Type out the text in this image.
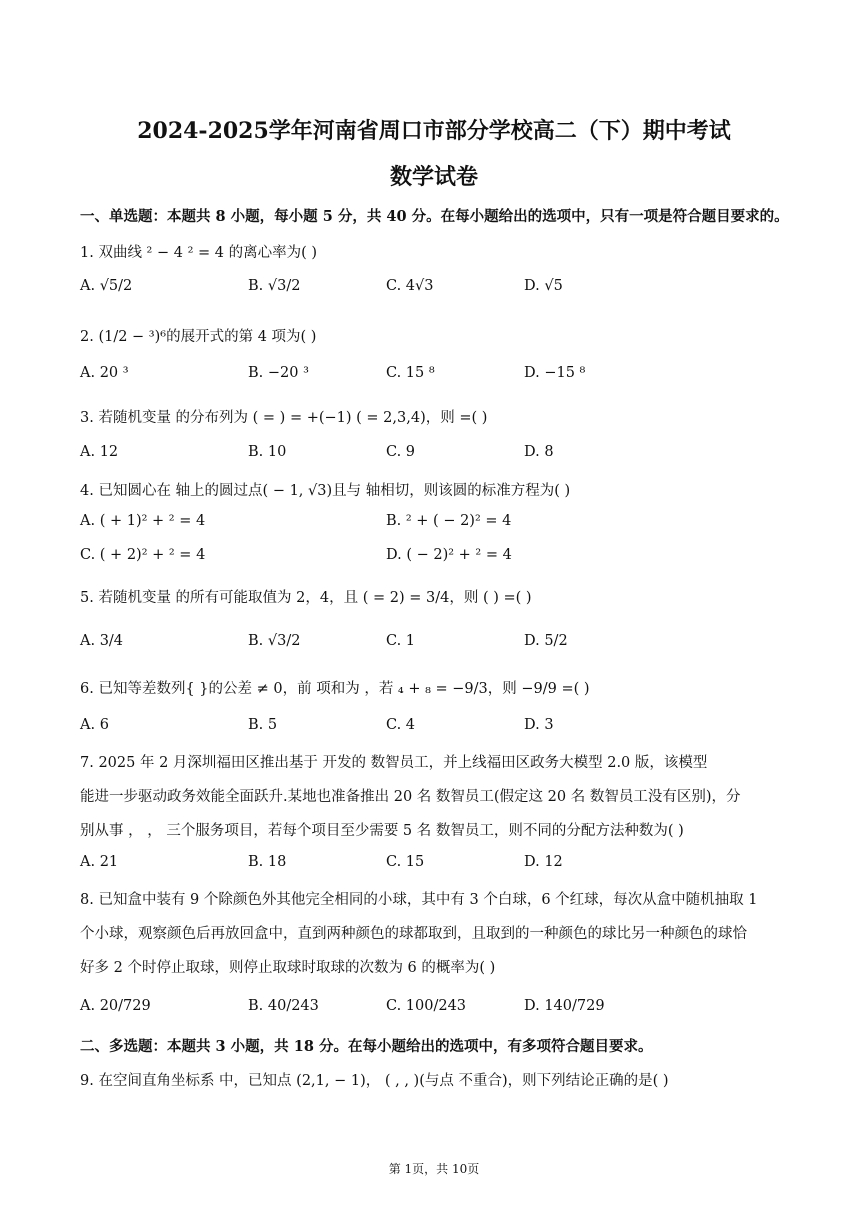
2024-2025学年河南省周口市部分学校高二（下）期中考试
数学试卷
一、单选题：本题共 8 小题，每小题 5 分，共 40 分。在每小题给出的选项中，只有一项是符合题目要求的。
1. 双曲线 ² − 4 ² = 4 的离心率为( )
A. √5/2	B. √3/2	C. 4√3	D. √5
2. (1/2 − ³)⁶的展开式的第 4 项为( )
A. 20 ³	B. −20 ³	C. 15 ⁸	D. −15 ⁸
3. 若随机变量 的分布列为 ( = ) = +(−1) ( = 2,3,4)，则 =( )
A. 12	B. 10	C. 9	D. 8
4. 已知圆心在 轴上的圆过点( − 1, √3)且与 轴相切，则该圆的标准方程为( )
A. ( + 1)² + ² = 4	B. ² + ( − 2)² = 4
C. ( + 2)² + ² = 4	D. ( − 2)² + ² = 4
5. 若随机变量 的所有可能取值为 2，4，且 ( = 2) = 3/4，则 ( ) =( )
A. 3/4	B. √3/2	C. 1	D. 5/2
6. 已知等差数列{ }的公差 ≠ 0，前 项和为 ，若 ₄ + ₈ = −9/3，则 −9/9 =( )
A. 6	B. 5	C. 4	D. 3
7. 2025 年 2 月深圳福田区推出基于 开发的 数智员工，并上线福田区政务大模型 2.0 版，该模型
能进一步驱动政务效能全面跃升.某地也准备推出 20 名 数智员工(假定这 20 名 数智员工没有区别)，分
别从事 ， ， 三个服务项目，若每个项目至少需要 5 名 数智员工，则不同的分配方法种数为( )
A. 21	B. 18	C. 15	D. 12
8. 已知盒中装有 9 个除颜色外其他完全相同的小球，其中有 3 个白球，6 个红球，每次从盒中随机抽取 1
个小球，观察颜色后再放回盒中，直到两种颜色的球都取到，且取到的一种颜色的球比另一种颜色的球恰
好多 2 个时停止取球，则停止取球时取球的次数为 6 的概率为( )
A. 20/729	B. 40/243	C. 100/243	D. 140/729
二、多选题：本题共 3 小题，共 18 分。在每小题给出的选项中，有多项符合题目要求。
9. 在空间直角坐标系 中，已知点 (2,1, − 1)， ( , , )(与点 不重合)，则下列结论正确的是( )
第 1页，共 10页
